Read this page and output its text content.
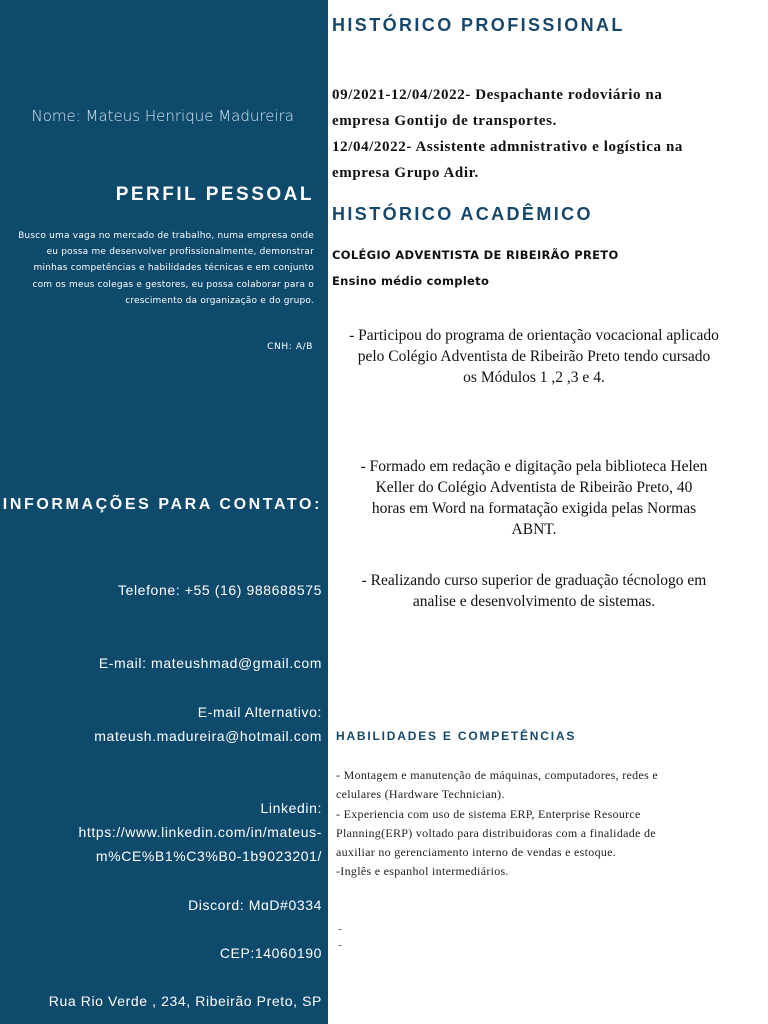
Nome: Mateus Henrique Madureira
PERFIL PESSOAL
Busco uma vaga no mercado de trabalho, numa empresa onde
eu possa me desenvolver profissionalmente, demonstrar
minhas competências e habilidades técnicas e em conjunto
com os meus colegas e gestores, eu possa colaborar para o
crescimento da organização e do grupo.
CNH: A/B
INFORMAÇÕES PARA CONTATO:
Telefone: +55 (16) 988688575
E-mail: mateushmad@gmail.com
E-mail Alternativo:
mateush.madureira@hotmail.com
Linkedin:
https://www.linkedin.com/in/mateus-
m%CE%B1%C3%B0-1b9023201/
Discord: MɑD#0334
CEP:14060190
Rua Rio Verde , 234, Ribeirão Preto, SP
HISTÓRICO PROFISSIONAL
09/2021-12/04/2022- Despachante rodoviário na
empresa Gontijo de transportes.
12/04/2022- Assistente admnistrativo e logística na
empresa Grupo Adir.
HISTÓRICO ACADÊMICO
COLÉGIO ADVENTISTA DE RIBEIRÃO PRETO
Ensino médio completo
- Participou do programa de orientação vocacional aplicado
pelo Colégio Adventista de Ribeirão Preto tendo cursado
os Módulos 1 ,2 ,3 e 4.
- Formado em redação e digitação pela biblioteca Helen
Keller do Colégio Adventista de Ribeirão Preto, 40
horas em Word na formatação exigida pelas Normas
ABNT.
- Realizando curso superior de graduação técnologo em
analise e desenvolvimento de sistemas.
HABILIDADES E COMPETÊNCIAS
- Montagem e manutenção de máquinas, computadores, redes e
celulares (Hardware Technician).
- Experiencia com uso de sistema ERP, Enterprise Resource
Planning(ERP) voltado para distribuidoras com a finalidade de
auxiliar no gerenciamento interno de vendas e estoque.
-Inglês e espanhol intermediários.
-
-
